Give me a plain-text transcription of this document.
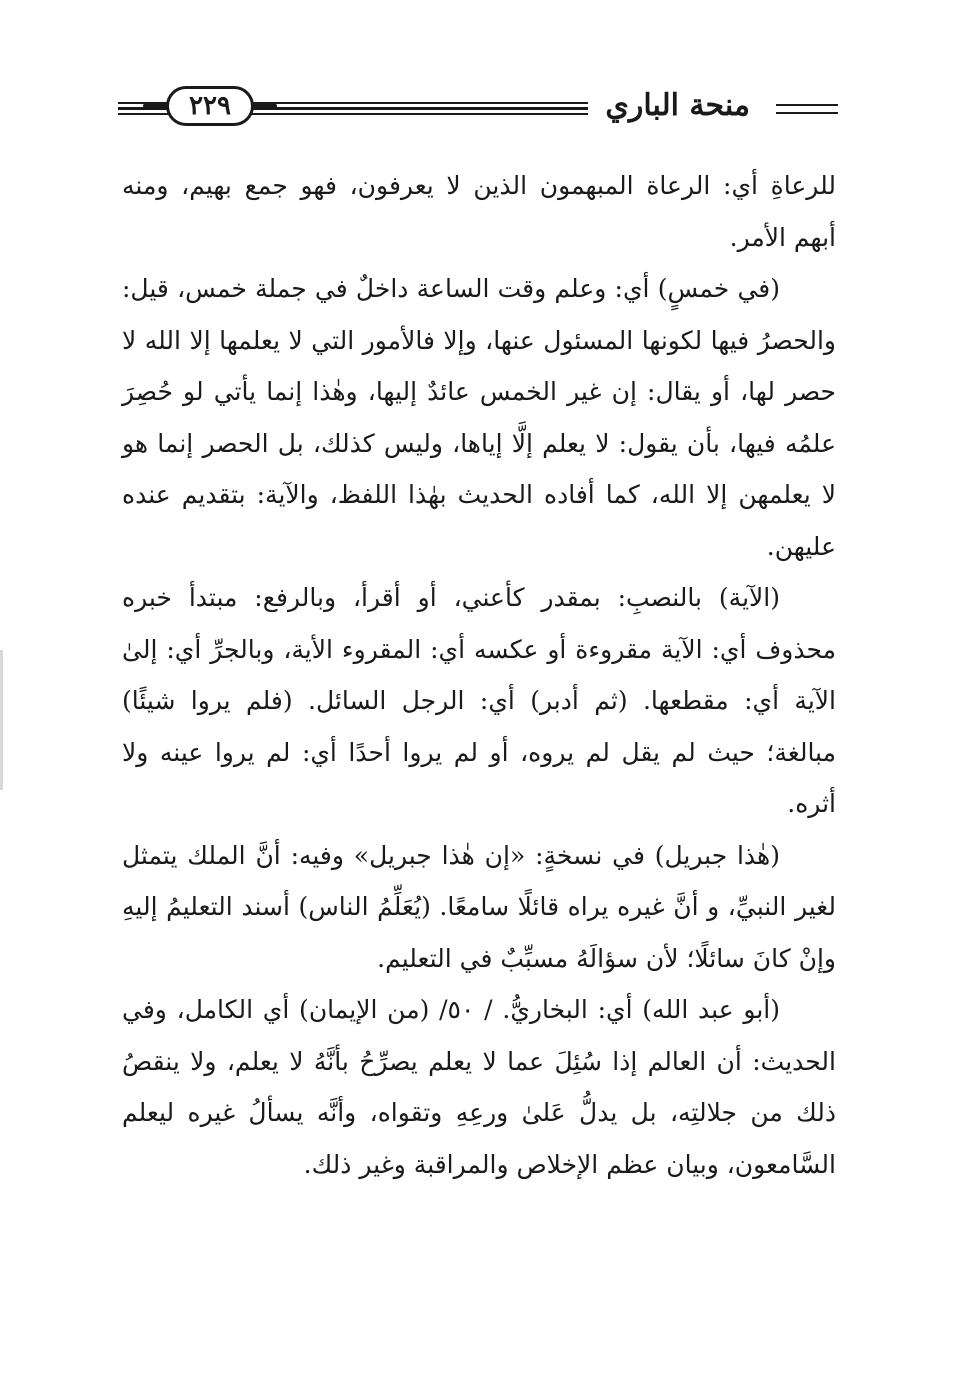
٢٢٩	منحة الباري

للرعاةِ أي: الرعاة المبهمون الذين لا يعرفون، فهو جمع بهيم، ومنه أبهم الأمر.

(في خمسٍ) أي: وعلم وقت الساعة داخلٌ في جملة خمس، قيل: والحصرُ فيها لكونها المسئول عنها، وإلا فالأمور التي لا يعلمها إلا الله لا حصر لها، أو يقال: إن غير الخمس عائدٌ إليها، وهٰذا إنما يأتي لو حُصِرَ علمُه فيها، بأن يقول: لا يعلم إلَّا إياها، وليس كذلك، بل الحصر إنما هو لا يعلمهن إلا الله، كما أفاده الحديث بهٰذا اللفظ، والآية: بتقديم عنده عليهن.

(الآية) بالنصبِ: بمقدر كأعني، أو أقرأ، وبالرفع: مبتدأ خبره محذوف أي: الآية مقروءة أو عكسه أي: المقروء الأية، وبالجرِّ أي: إلىٰ الآية أي: مقطعها. (ثم أدبر) أي: الرجل السائل. (فلم يروا شيئًا) مبالغة؛ حيث لم يقل لم يروه، أو لم يروا أحدًا أي: لم يروا عينه ولا أثره.

(هٰذا جبريل) في نسخةٍ: «إن هٰذا جبريل» وفيه: أنَّ الملك يتمثل لغير النبيِّ، و أنَّ غيره يراه قائلًا سامعًا. (يُعَلِّمُ الناس) أسند التعليمُ إليهِ وإنْ كانَ سائلًا؛ لأن سؤالَهُ مسبِّبٌ في التعليم.

(أبو عبد الله) أي: البخاريُّ. / ٥٠/ (من الإيمان) أي الكامل، وفي الحديث: أن العالم إذا سُئِلَ عما لا يعلم يصرِّحُ بأنَّهُ لا يعلم، ولا ينقصُ ذلك من جلالتِه، بل يدلُّ عَلىٰ ورعِهِ وتقواه، وأنَّه يسألُ غيره ليعلم السَّامعون، وبيان عظم الإخلاص والمراقبة وغير ذلك.
